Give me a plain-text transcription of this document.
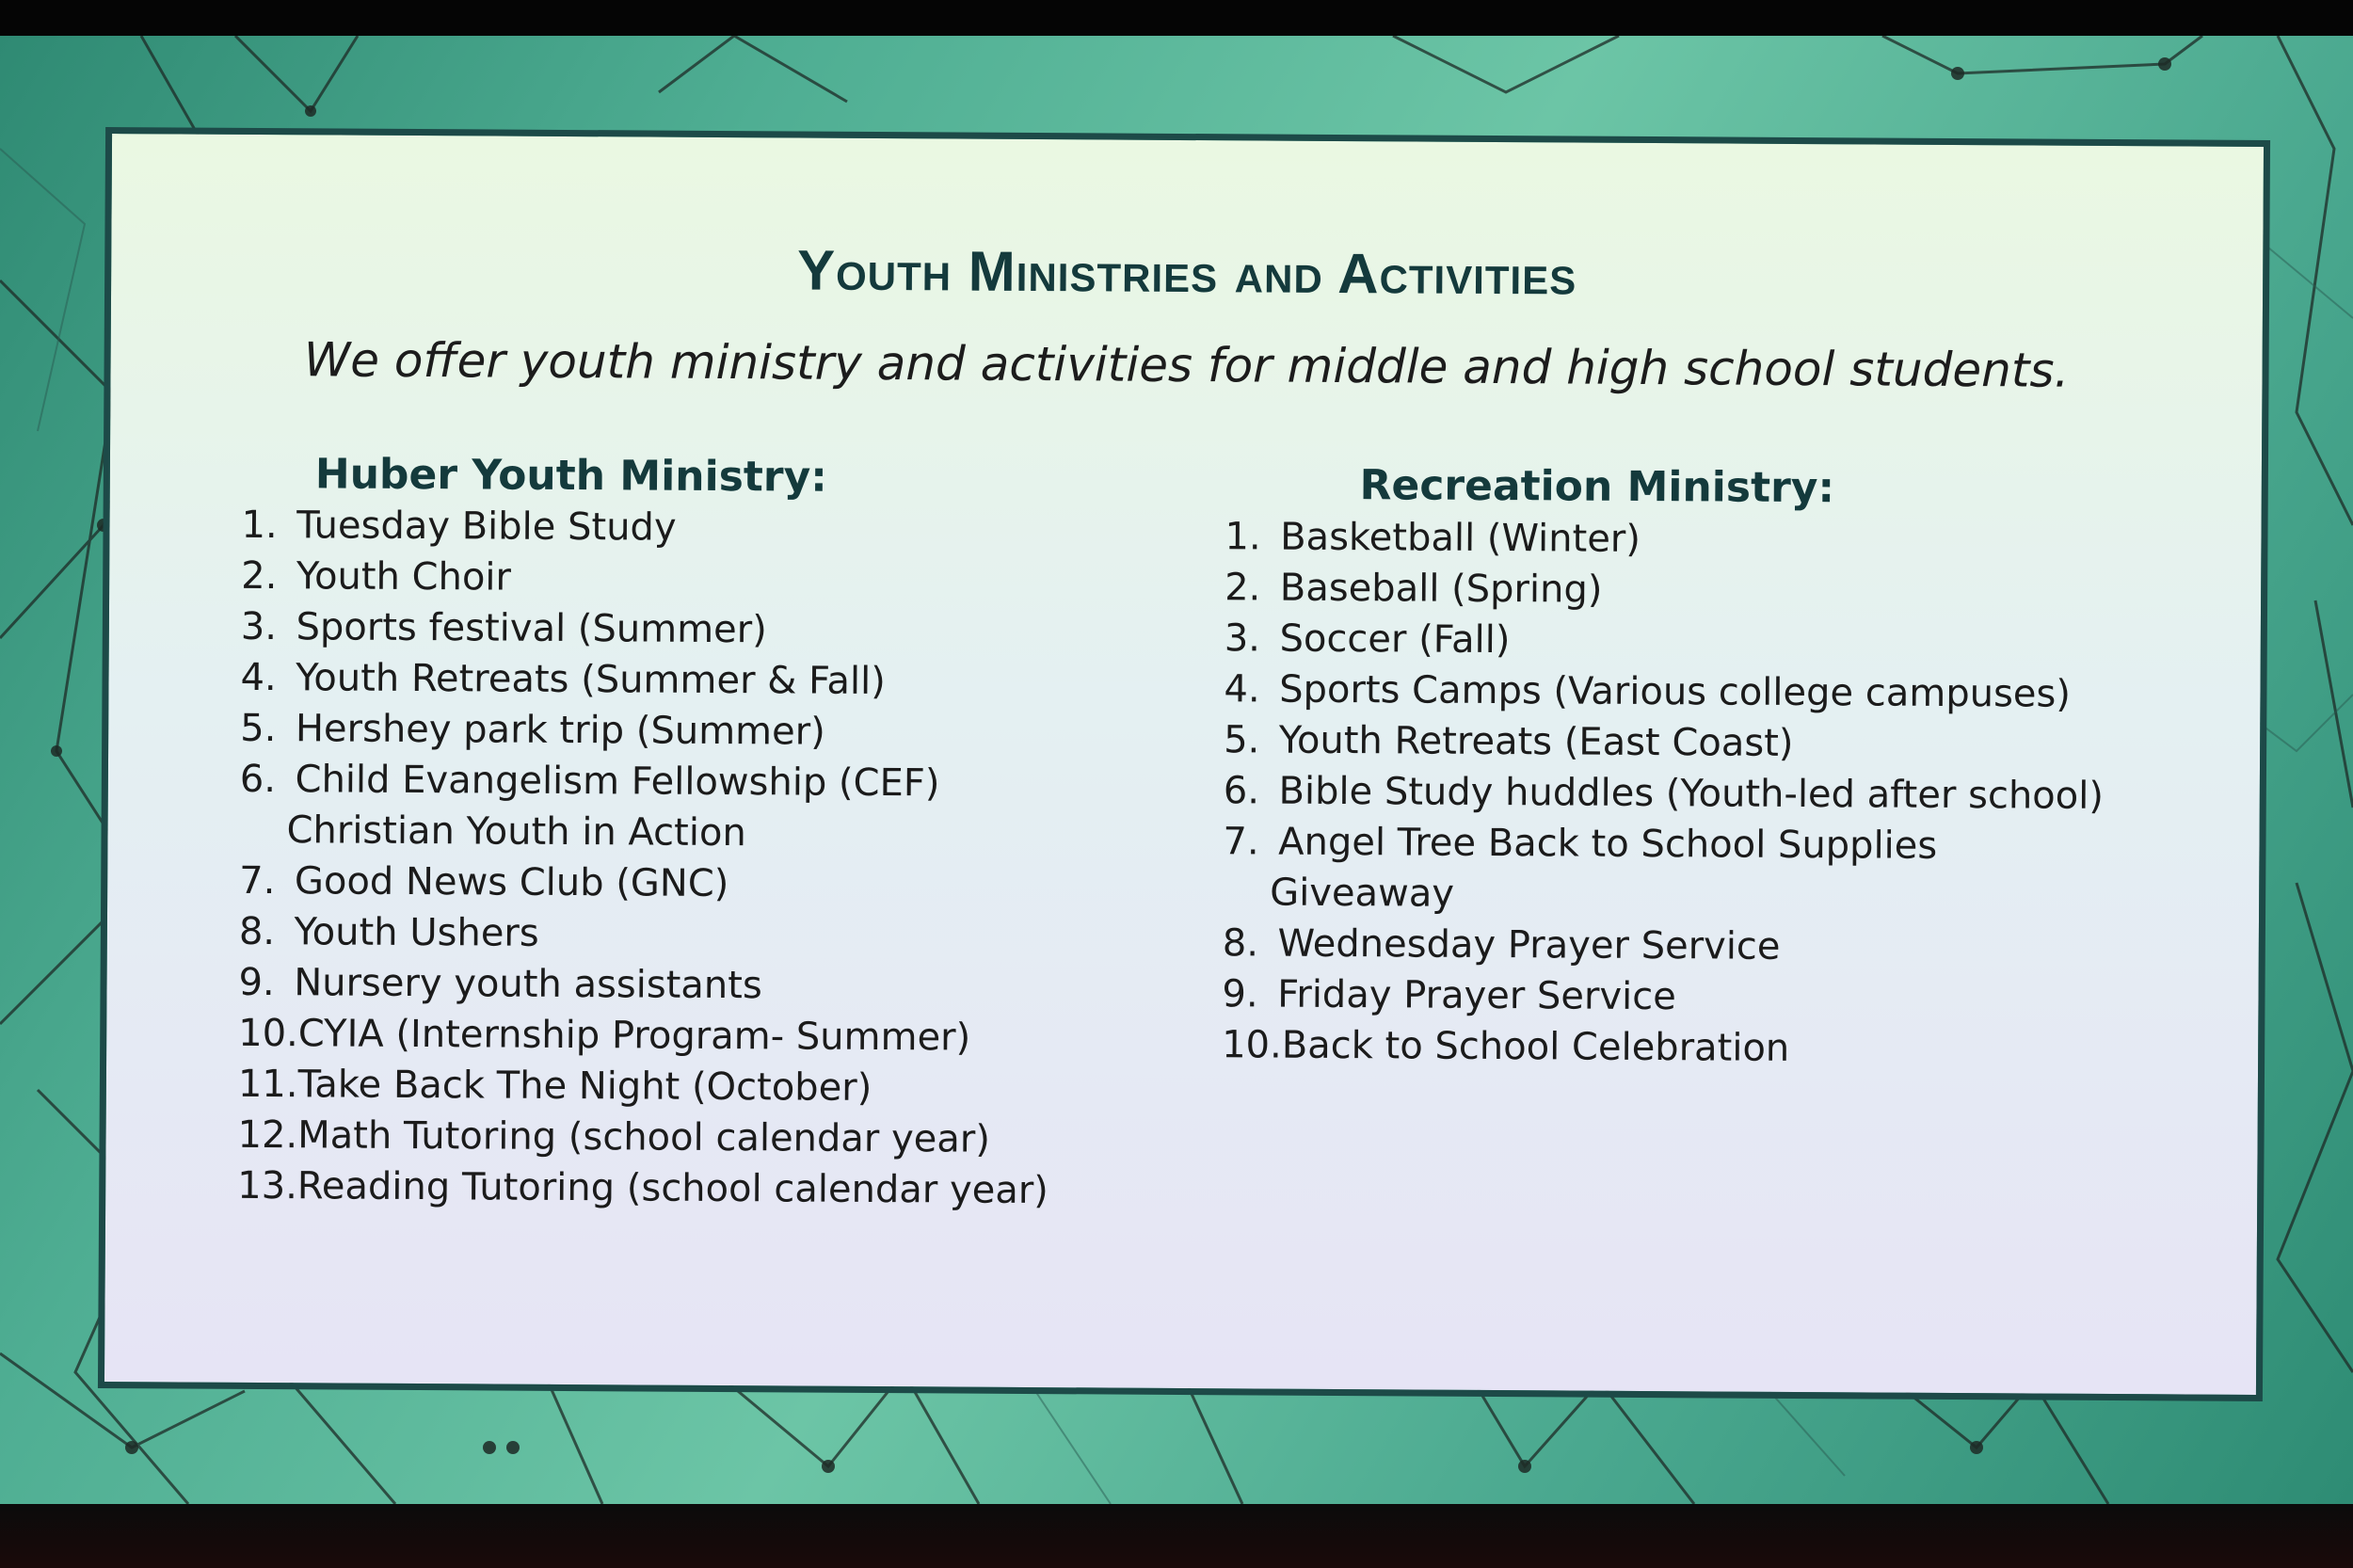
Youth Ministries and Activities
We offer youth ministry and activities for middle and high school students.
Huber Youth Ministry:
1. Tuesday Bible Study
2. Youth Choir
3. Sports festival (Summer)
4. Youth Retreats (Summer & Fall)
5. Hershey park trip (Summer)
6. Child Evangelism Fellowship (CEF)
Christian Youth in Action
7. Good News Club (GNC)
8. Youth Ushers
9. Nursery youth assistants
10.CYIA (Internship Program- Summer)
11.Take Back The Night (October)
12.Math Tutoring (school calendar year)
13.Reading Tutoring (school calendar year)
Recreation Ministry:
1. Basketball (Winter)
2. Baseball (Spring)
3. Soccer (Fall)
4. Sports Camps (Various college campuses)
5. Youth Retreats (East Coast)
6. Bible Study huddles (Youth-led after school)
7. Angel Tree Back to School Supplies
Giveaway
8. Wednesday Prayer Service
9. Friday Prayer Service
10.Back to School Celebration
